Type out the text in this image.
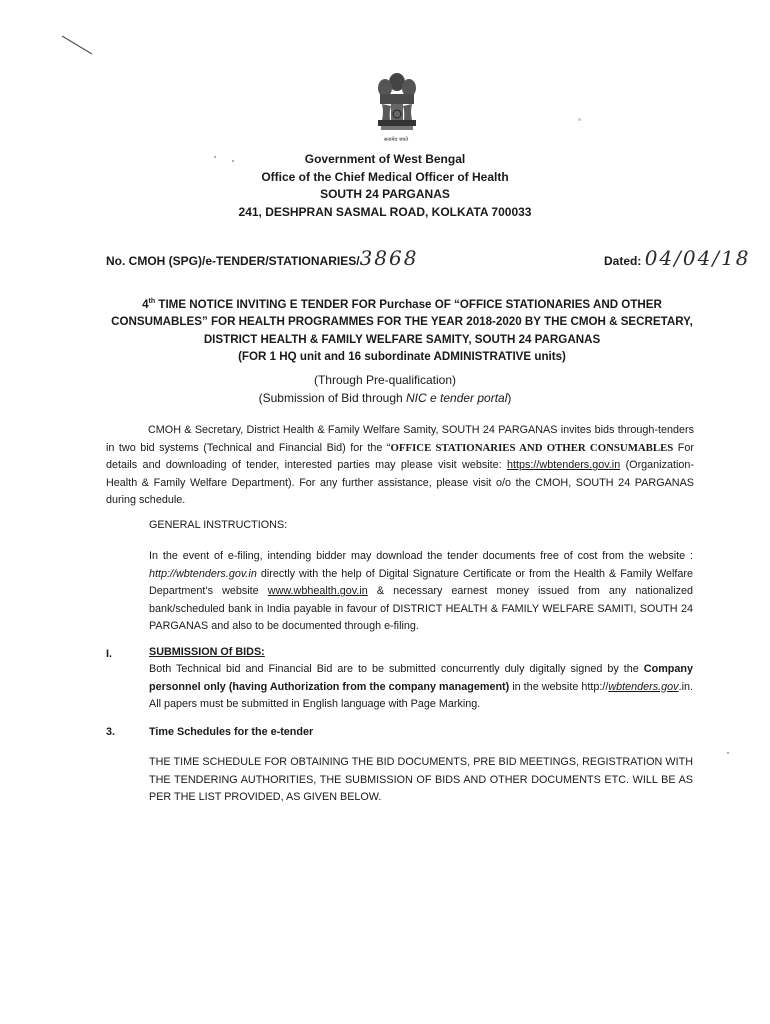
सत्यमेव जयते
Government of West Bengal
Office of the Chief Medical Officer of Health
SOUTH 24 PARGANAS
241, DESHPRAN SASMAL ROAD, KOLKATA 700033
No. CMOH (SPG)/e-TENDER/STATIONARIES/3868	Dated: 04/04/18
4th TIME NOTICE INVITING E TENDER FOR Purchase OF “OFFICE STATIONARIES AND OTHER
CONSUMABLES” FOR HEALTH PROGRAMMES FOR THE YEAR 2018-2020 BY THE CMOH & SECRETARY,
DISTRICT HEALTH & FAMILY WELFARE SAMITY, SOUTH 24 PARGANAS
(FOR 1 HQ unit and 16 subordinate ADMINISTRATIVE units)
(Through Pre-qualification)
(Submission of Bid through NIC e tender portal)
CMOH & Secretary, District Health & Family Welfare Samity, SOUTH 24 PARGANAS invites bids through-tenders in two bid systems (Technical and Financial Bid) for the “OFFICE STATIONARIES AND OTHER CONSUMABLES For details and downloading of tender, interested parties may please visit website: https://wbtenders.gov.in (Organization-Health & Family Welfare Department). For any further assistance, please visit o/o the CMOH, SOUTH 24 PARGANAS during schedule.
GENERAL INSTRUCTIONS:
In the event of e-filing, intending bidder may download the tender documents free of cost from the website : http://wbtenders.gov.in directly with the help of Digital Signature Certificate or from the Health & Family Welfare Department’s website www.wbhealth.gov.in & necessary earnest money issued from any nationalized bank/scheduled bank in India payable in favour of DISTRICT HEALTH & FAMILY WELFARE SAMITI, SOUTH 24 PARGANAS and also to be documented through e-filing.
I.	SUBMISSION Of BIDS:
Both Technical bid and Financial Bid are to be submitted concurrently duly digitally signed by the Company personnel only (having Authorization from the company management) in the website http://wbtenders.gov.in. All papers must be submitted in English language with Page Marking.
3.	Time Schedules for the e-tender
THE TIME SCHEDULE FOR OBTAINING THE BID DOCUMENTS, PRE BID MEETINGS, REGISTRATION WITH THE TENDERING AUTHORITIES, THE SUBMISSION OF BIDS AND OTHER DOCUMENTS ETC. WILL BE AS PER THE LIST PROVIDED, AS GIVEN BELOW.
